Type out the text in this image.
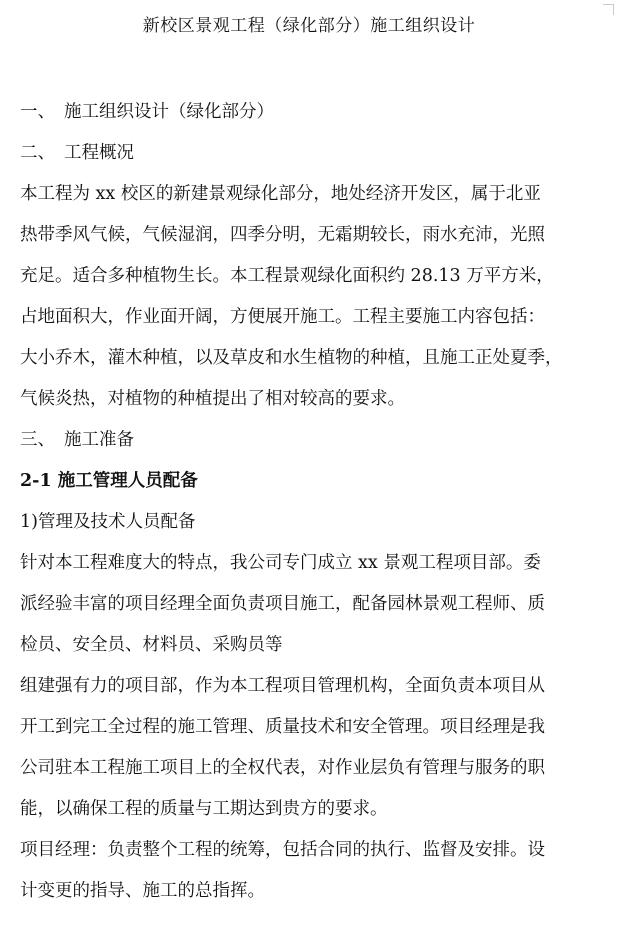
新校区景观工程（绿化部分）施工组织设计
一、 施工组织设计（绿化部分）
二、 工程概况
本工程为 xx 校区的新建景观绿化部分，地处经济开发区，属于北亚
热带季风气候，气候湿润，四季分明，无霜期较长，雨水充沛，光照
充足。适合多种植物生长。本工程景观绿化面积约 28.13 万平方米，
占地面积大，作业面开阔，方便展开施工。工程主要施工内容包括：
大小乔木，灌木种植，以及草皮和水生植物的种植，且施工正处夏季，
气候炎热，对植物的种植提出了相对较高的要求。
三、 施工准备
2-1 施工管理人员配备
1)管理及技术人员配备
针对本工程难度大的特点，我公司专门成立 xx 景观工程项目部。委
派经验丰富的项目经理全面负责项目施工，配备园林景观工程师、质
检员、安全员、材料员、采购员等
组建强有力的项目部，作为本工程项目管理机构，全面负责本项目从
开工到完工全过程的施工管理、质量技术和安全管理。项目经理是我
公司驻本工程施工项目上的全权代表，对作业层负有管理与服务的职
能，以确保工程的质量与工期达到贵方的要求。
项目经理：负责整个工程的统筹，包括合同的执行、监督及安排。设
计变更的指导、施工的总指挥。
